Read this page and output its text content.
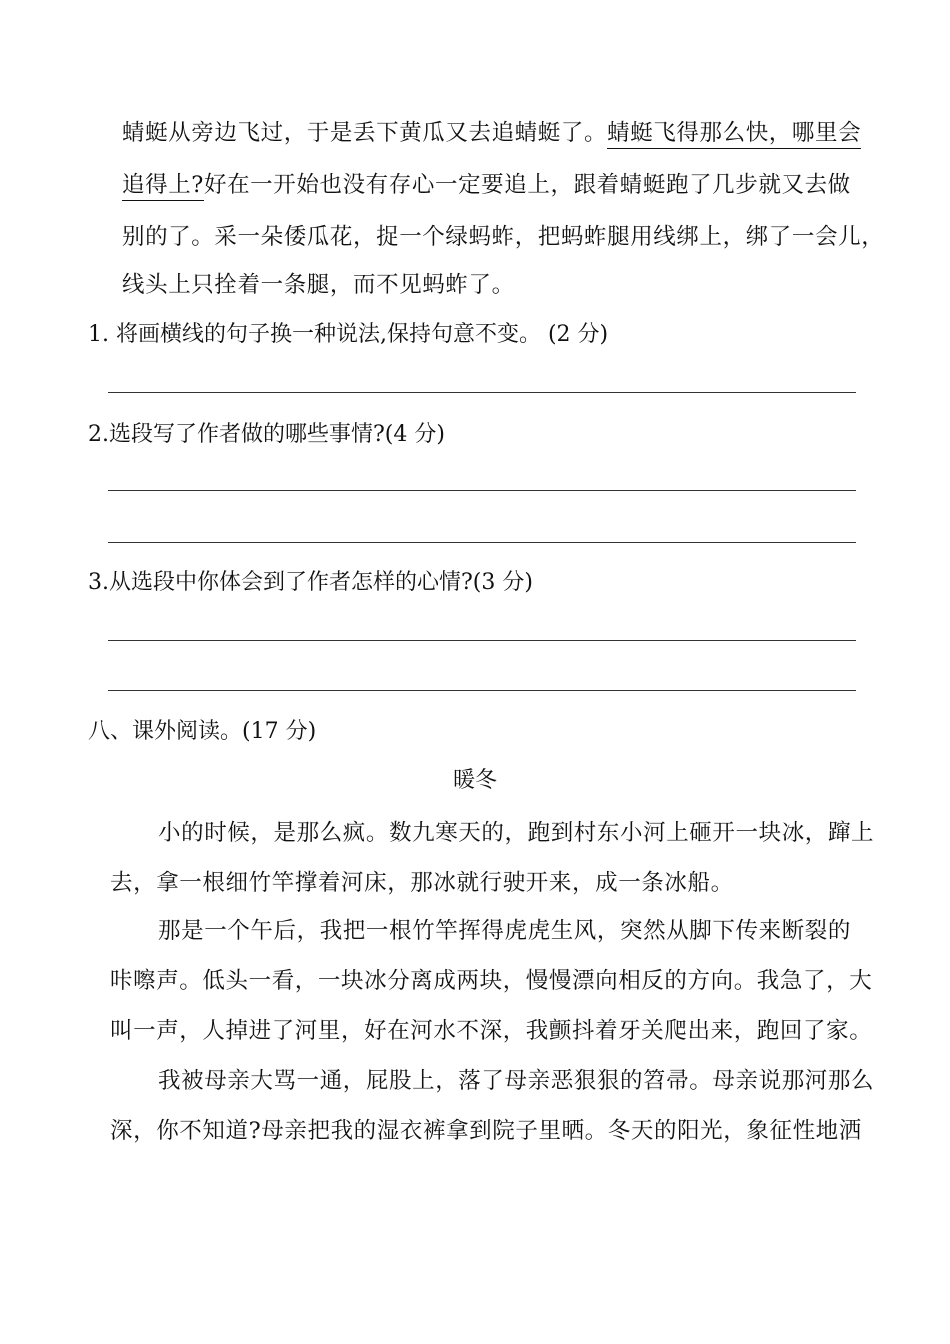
蜻蜓从旁边飞过，于是丢下黄瓜又去追蜻蜓了。蜻蜓飞得那么快，哪里会
追得上?好在一开始也没有存心一定要追上，跟着蜻蜓跑了几步就又去做
别的了。采一朵倭瓜花，捉一个绿蚂蚱，把蚂蚱腿用线绑上，绑了一会儿，
线头上只拴着一条腿，而不见蚂蚱了。
1. 将画横线的句子换一种说法,保持句意不变。 (2 分)
2.选段写了作者做的哪些事情?(4 分)
3.从选段中你体会到了作者怎样的心情?(3 分)
八、课外阅读。(17 分)
暖冬
小的时候，是那么疯。数九寒天的，跑到村东小河上砸开一块冰，蹿上
去，拿一根细竹竿撑着河床，那冰就行驶开来，成一条冰船。
那是一个午后，我把一根竹竿挥得虎虎生风，突然从脚下传来断裂的
咔嚓声。低头一看，一块冰分离成两块，慢慢漂向相反的方向。我急了，大
叫一声，人掉进了河里，好在河水不深，我颤抖着牙关爬出来，跑回了家。
我被母亲大骂一通，屁股上，落了母亲恶狠狠的笤帚。母亲说那河那么
深，你不知道?母亲把我的湿衣裤拿到院子里晒。冬天的阳光，象征性地洒
